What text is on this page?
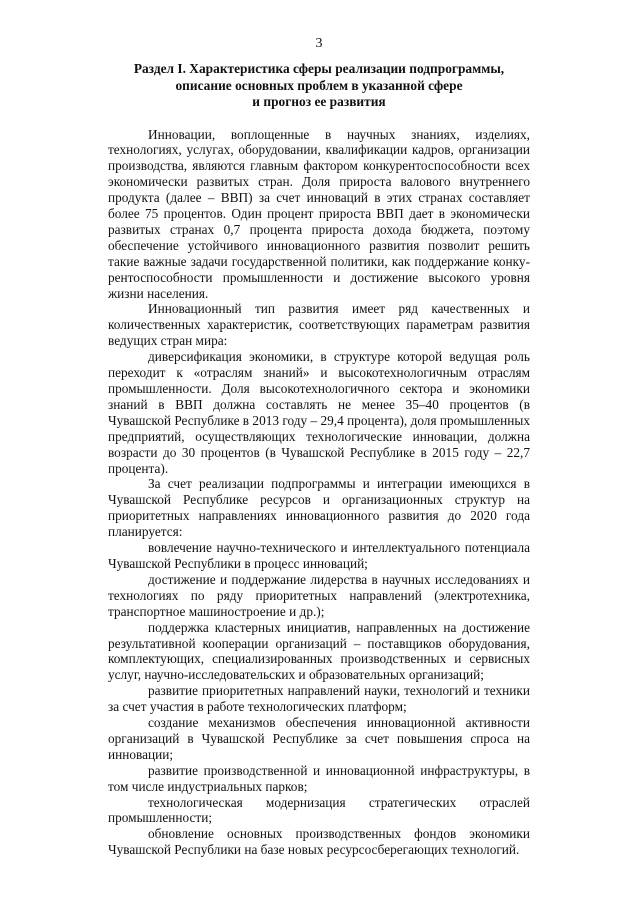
3
Раздел I. Характеристика сферы реализации подпрограммы,
описание основных проблем в указанной сфере
и прогноз ее развития

Инновации, воплощенные в научных знаниях, изделиях, технологиях, услугах, оборудовании, квалификации кадров, организации производства, являются главным фактором конкурентоспособности всех экономически развитых стран. Доля прироста валового внутреннего продукта (далее – ВВП) за счет инноваций в этих странах составляет более 75 процентов. Один процент прироста ВВП дает в экономически развитых странах 0,7 процента прироста дохода бюджета, поэтому обеспечение устойчивого инновационного развития позволит решить такие важные задачи государственной политики, как поддержание конкурентоспособности промышленности и достижение высокого уровня жизни населения.

Инновационный тип развития имеет ряд качественных и количественных характеристик, соответствующих параметрам развития ведущих стран мира:

диверсификация экономики, в структуре которой ведущая роль переходит к «отраслям знаний» и высокотехнологичным отраслям промышленности. Доля высокотехнологичного сектора и экономики знаний в ВВП должна составлять не менее 35–40 процентов (в Чувашской Республике в 2013 году – 29,4 процента), доля промышленных предприятий, осуществляющих технологические инновации, должна возрасти до 30 процентов (в Чувашской Республике в 2015 году – 22,7 процента).

За счет реализации подпрограммы и интеграции имеющихся в Чувашской Республике ресурсов и организационных структур на приоритетных направлениях инновационного развития до 2020 года планируется:

вовлечение научно-технического и интеллектуального потенциала Чувашской Республики в процесс инноваций;

достижение и поддержание лидерства в научных исследованиях и технологиях по ряду приоритетных направлений (электротехника, транспортное машиностроение и др.);

поддержка кластерных инициатив, направленных на достижение результативной кооперации организаций – поставщиков оборудования, комплектующих, специализированных производственных и сервисных услуг, научно-исследовательских и образовательных организаций;

развитие приоритетных направлений науки, технологий и техники за счет участия в работе технологических платформ;

создание механизмов обеспечения инновационной активности организаций в Чувашской Республике за счет повышения спроса на инновации;

развитие производственной и инновационной инфраструктуры, в том числе индустриальных парков;

технологическая модернизация стратегических отраслей промышленности;

обновление основных производственных фондов экономики Чувашской Республики на базе новых ресурсосберегающих технологий.
